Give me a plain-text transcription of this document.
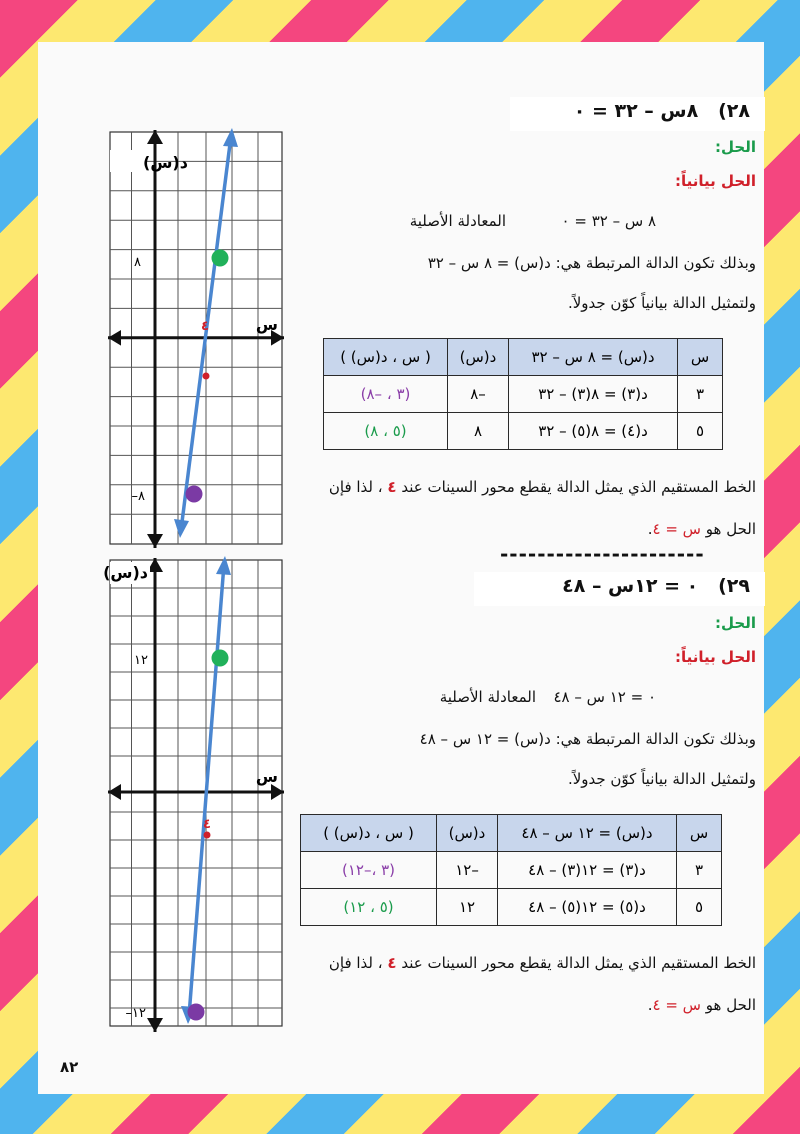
٢٨)   ٨س – ٣٢ = ٠
الحل:
الحل بيانياً:
٨ س – ٣٢ = ٠
المعادلة الأصلية
وبذلك تكون الدالة المرتبطة هي: د(س) = ٨ س – ٣٢
ولتمثيل الدالة بيانياً كوّن جدولاً.
س	د(س) = ٨ س – ٣٢	د(س)	( س ، د(س) )
٣	د(٣) = ٨(٣) – ٣٢	–٨	(٣ ، –٨)
٥	د(٤) = ٨(٥) – ٣٢	٨	(٥ ، ٨)
الخط المستقيم الذي يمثل الدالة يقطع محور السينات عند ٤ ، لذا فإن
الحل هو س = ٤.
----------------------
٢٩)   ٠ = ١٢س – ٤٨
الحل:
الحل بيانياً:
٠ = ١٢ س – ٤٨
المعادلة الأصلية
وبذلك تكون الدالة المرتبطة هي: د(س) = ١٢ س – ٤٨
ولتمثيل الدالة بيانياً كوّن جدولاً.
س	د(س) = ١٢ س – ٤٨	د(س)	( س ، د(س) )
٣	د(٣) = ١٢(٣) – ٤٨	–١٢	(٣ ،–١٢)
٥	د(٥) = ١٢(٥) – ٤٨	١٢	(٥ ، ١٢)
الخط المستقيم الذي يمثل الدالة يقطع محور السينات عند ٤ ، لذا فإن
الحل هو س = ٤.
د(س)
س
٨
–٨
٤
د(س)
س
١٢
–١٢
٤
٨٢
